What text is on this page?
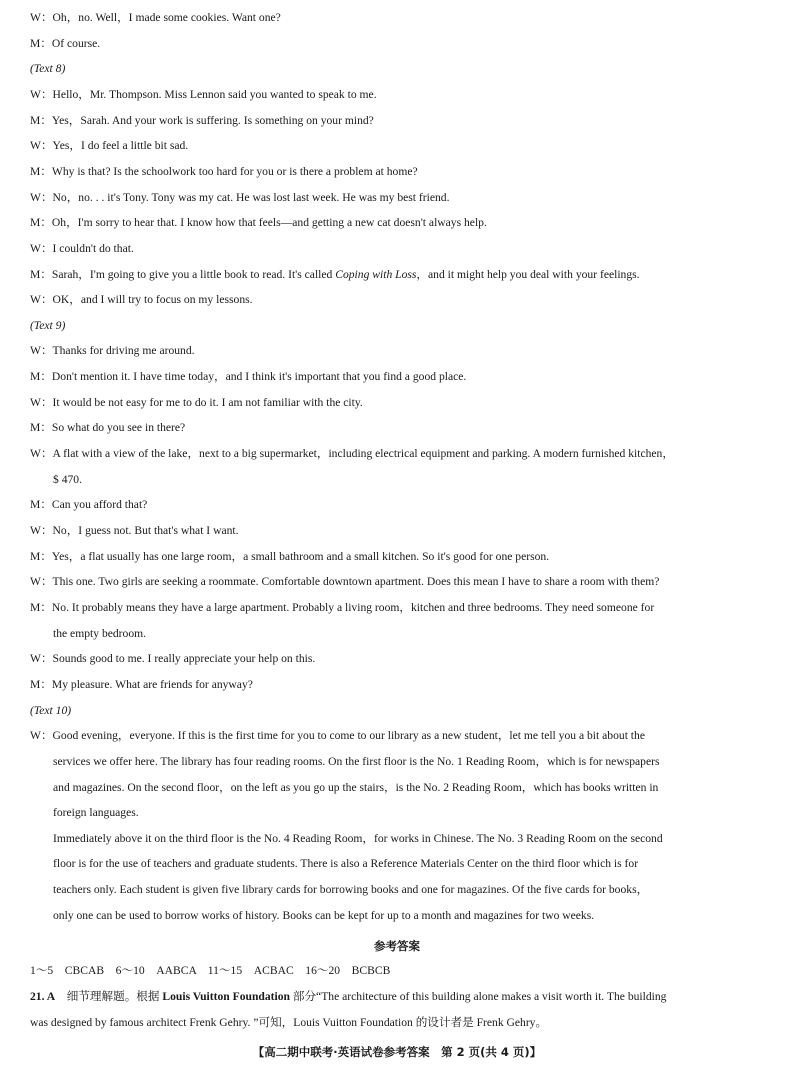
W：Oh，no. Well，I made some cookies. Want one?
M：Of course.
(Text 8)
W：Hello，Mr. Thompson. Miss Lennon said you wanted to speak to me.
M：Yes，Sarah. And your work is suffering. Is something on your mind?
W：Yes，I do feel a little bit sad.
M：Why is that? Is the schoolwork too hard for you or is there a problem at home?
W：No，no. . . it's Tony. Tony was my cat. He was lost last week. He was my best friend.
M：Oh，I'm sorry to hear that. I know how that feels—and getting a new cat doesn't always help.
W：I couldn't do that.
M：Sarah，I'm going to give you a little book to read. It's called Coping with Loss，and it might help you deal with your feelings.
W：OK，and I will try to focus on my lessons.
(Text 9)
W：Thanks for driving me around.
M：Don't mention it. I have time today，and I think it's important that you find a good place.
W：It would be not easy for me to do it. I am not familiar with the city.
M：So what do you see in there?
W：A flat with a view of the lake，next to a big supermarket，including electrical equipment and parking. A modern furnished kitchen，
$ 470.
M：Can you afford that?
W：No，I guess not. But that's what I want.
M：Yes，a flat usually has one large room，a small bathroom and a small kitchen. So it's good for one person.
W：This one. Two girls are seeking a roommate. Comfortable downtown apartment. Does this mean I have to share a room with them?
M：No. It probably means they have a large apartment. Probably a living room，kitchen and three bedrooms. They need someone for
the empty bedroom.
W：Sounds good to me. I really appreciate your help on this.
M：My pleasure. What are friends for anyway?
(Text 10)
W：Good evening，everyone. If this is the first time for you to come to our library as a new student，let me tell you a bit about the
services we offer here. The library has four reading rooms. On the first floor is the No. 1 Reading Room，which is for newspapers
and magazines. On the second floor，on the left as you go up the stairs，is the No. 2 Reading Room，which has books written in
foreign languages.
Immediately above it on the third floor is the No. 4 Reading Room，for works in Chinese. The No. 3 Reading Room on the second
floor is for the use of teachers and graduate students. There is also a Reference Materials Center on the third floor which is for
teachers only. Each student is given five library cards for borrowing books and one for magazines. Of the five cards for books，
only one can be used to borrow works of history. Books can be kept for up to a month and magazines for two weeks.
参考答案
1～5　CBCAB　6～10　AABCA　11～15　ACBAC　16～20　BCBCB
21. A　细节理解题。根据 Louis Vuitton Foundation 部分“The architecture of this building alone makes a visit worth it. The building
was designed by famous architect Frenk Gehry. ”可知，Louis Vuitton Foundation 的设计者是 Frenk Gehry。
【高二期中联考·英语试卷参考答案　第 2 页(共 4 页)】
